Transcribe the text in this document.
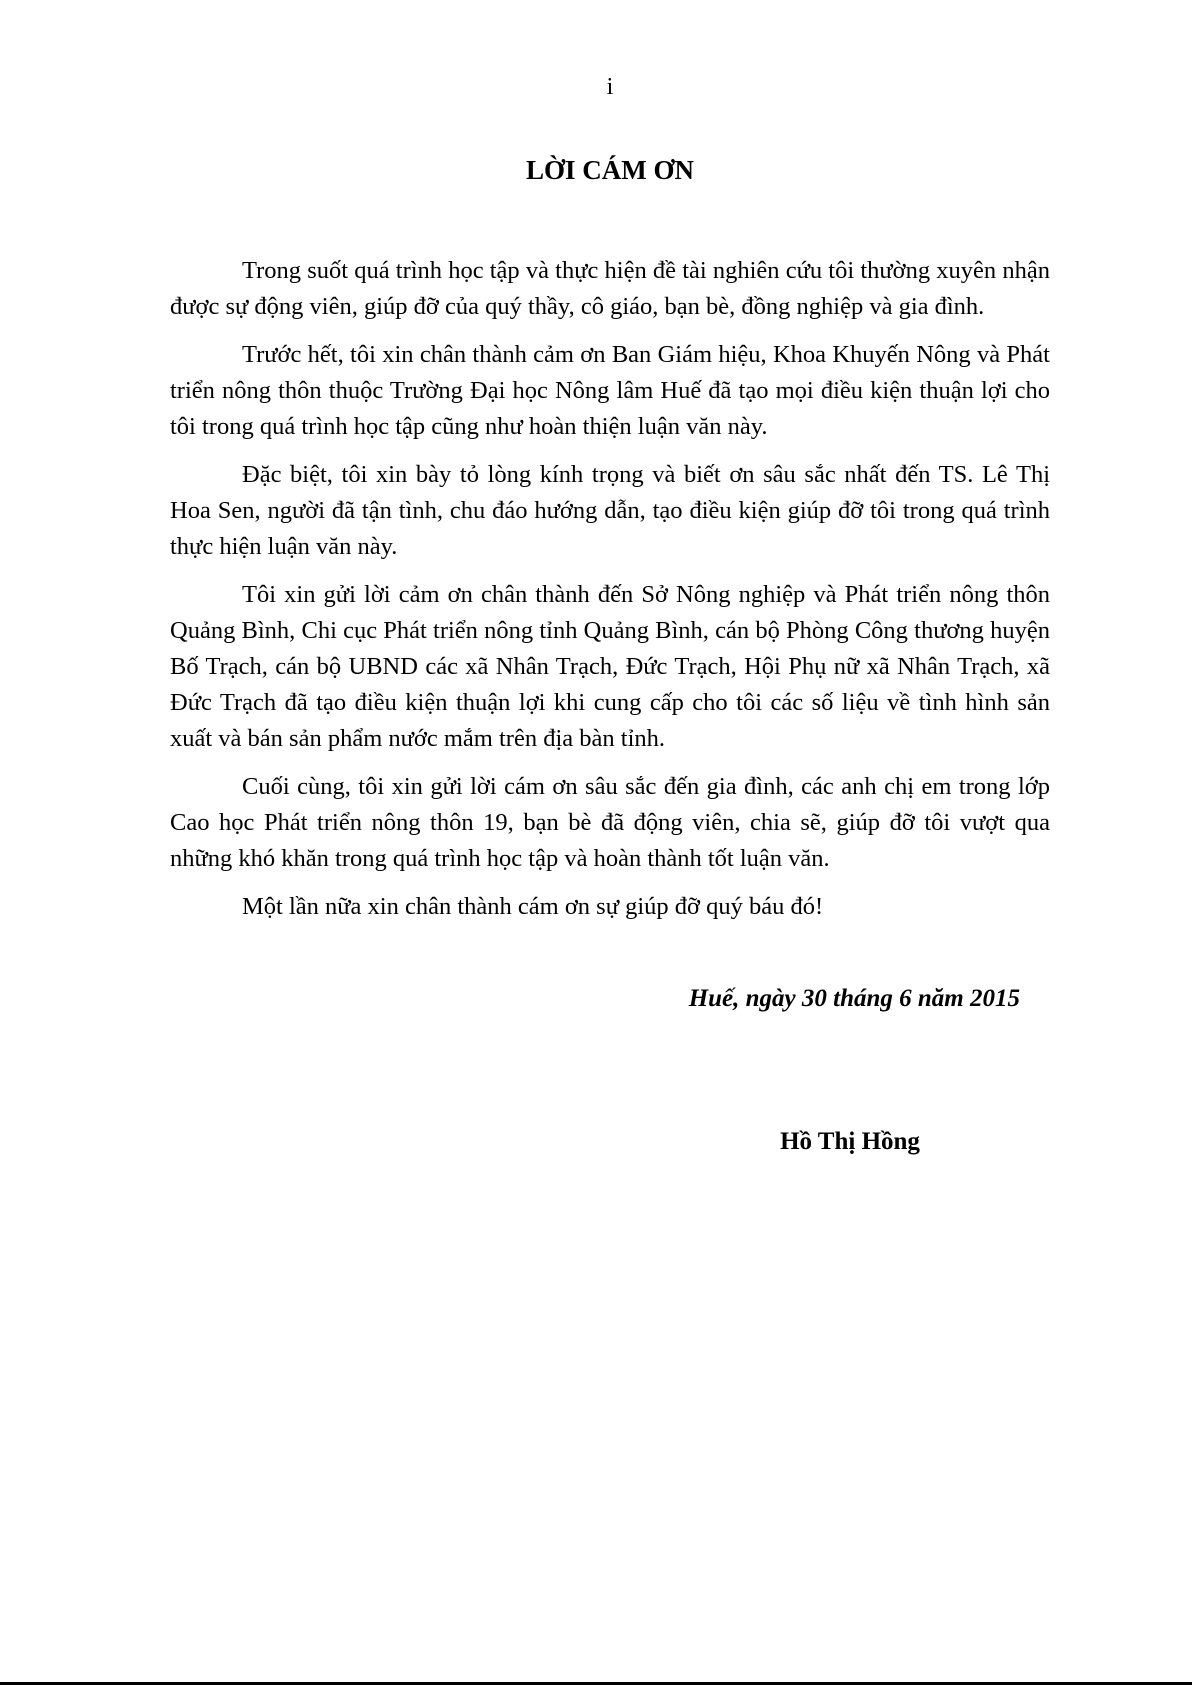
i
LỜI CÁM ƠN

Trong suốt quá trình học tập và thực hiện đề tài nghiên cứu tôi thường xuyên nhận được sự động viên, giúp đỡ của quý thầy, cô giáo, bạn bè, đồng nghiệp và gia đình.

Trước hết, tôi xin chân thành cảm ơn Ban Giám hiệu, Khoa Khuyến Nông và Phát triển nông thôn thuộc Trường Đại học Nông lâm Huế đã tạo mọi điều kiện thuận lợi cho tôi trong quá trình học tập cũng như hoàn thiện luận văn này.

Đặc biệt, tôi xin bày tỏ lòng kính trọng và biết ơn sâu sắc nhất đến TS. Lê Thị Hoa Sen, người đã tận tình, chu đáo hướng dẫn, tạo điều kiện giúp đỡ tôi trong quá trình thực hiện luận văn này.

Tôi xin gửi lời cảm ơn chân thành đến Sở Nông nghiệp và Phát triển nông thôn Quảng Bình, Chi cục Phát triển nông tỉnh Quảng Bình, cán bộ Phòng Công thương huyện Bố Trạch, cán bộ UBND các xã Nhân Trạch, Đức Trạch, Hội Phụ nữ xã Nhân Trạch, xã Đức Trạch đã tạo điều kiện thuận lợi khi cung cấp cho tôi các số liệu về tình hình sản xuất và bán sản phẩm nước mắm trên địa bàn tỉnh.

Cuối cùng, tôi xin gửi lời cám ơn sâu sắc đến gia đình, các anh chị em trong lớp Cao học Phát triển nông thôn 19, bạn bè đã động viên, chia sẽ, giúp đỡ tôi vượt qua những khó khăn trong quá trình học tập và hoàn thành tốt luận văn.

Một lần nữa xin chân thành cám ơn sự giúp đỡ quý báu đó!

Huế, ngày 30 tháng 6 năm 2015
Hồ Thị Hồng
